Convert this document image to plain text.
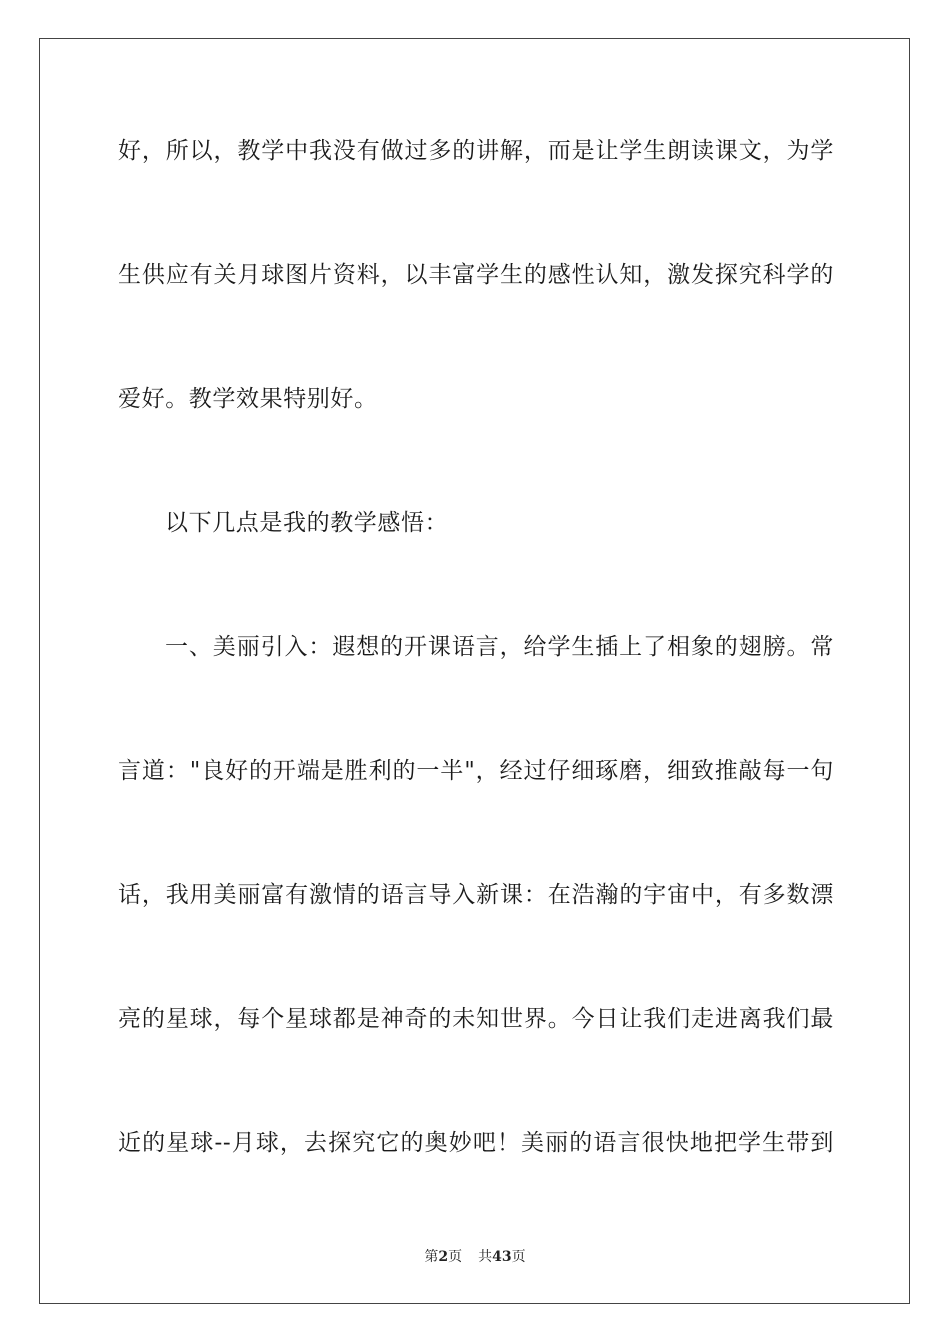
好，所以，教学中我没有做过多的讲解，而是让学生朗读课文，为学
生供应有关月球图片资料，以丰富学生的感性认知，激发探究科学的
爱好。教学效果特别好。
以下几点是我的教学感悟：
一、美丽引入：遐想的开课语言，给学生插上了相象的翅膀。常
言道："良好的开端是胜利的一半"，经过仔细琢磨，细致推敲每一句
话，我用美丽富有激情的语言导入新课：在浩瀚的宇宙中，有多数漂
亮的星球，每个星球都是神奇的未知世界。今日让我们走进离我们最
近的星球--月球，去探究它的奥妙吧！美丽的语言很快地把学生带到
第2页 共43页
